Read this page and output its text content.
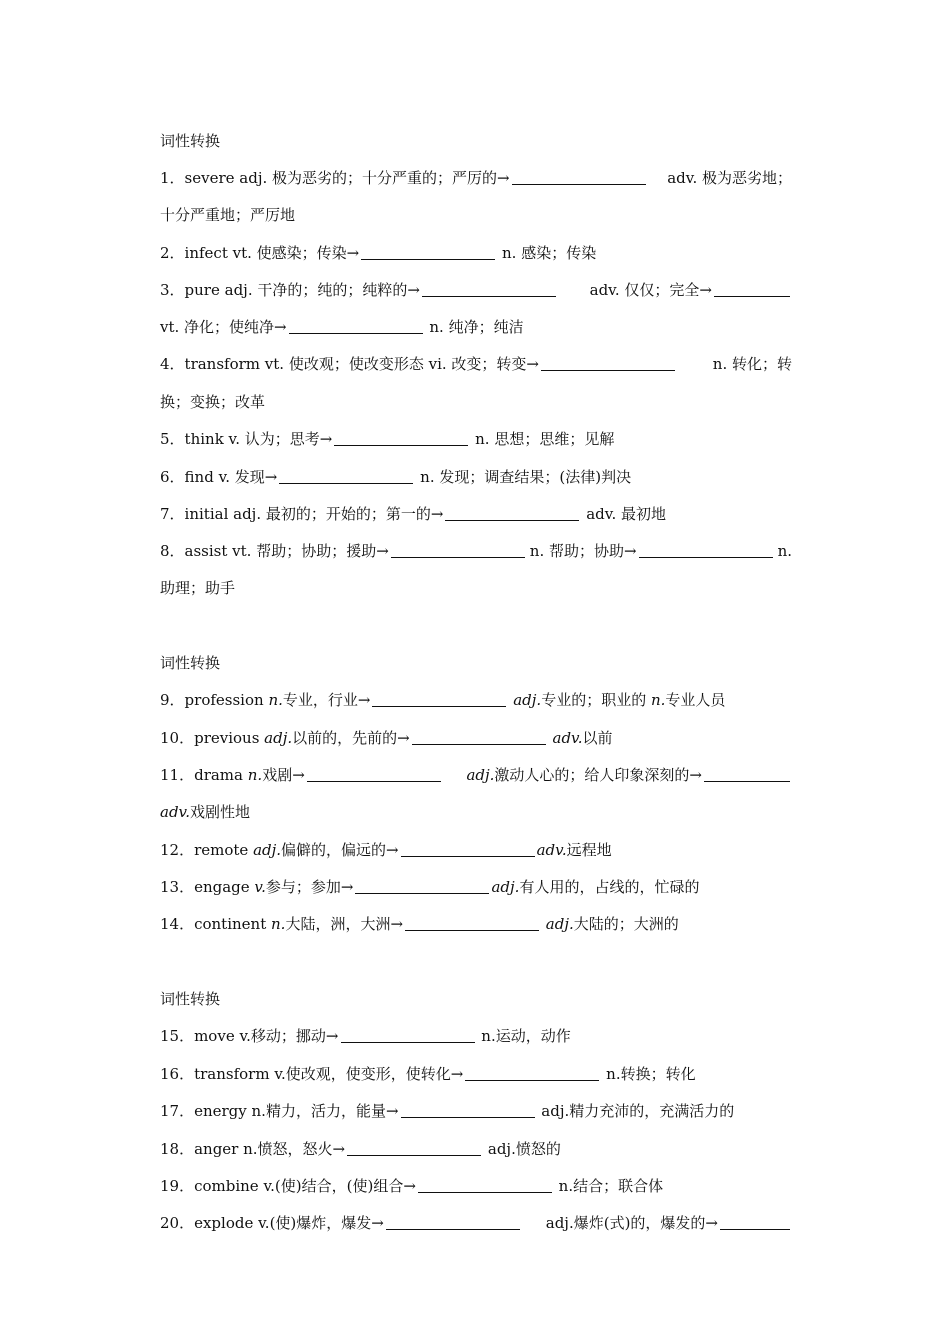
词性转换
1．severe adj. 极为恶劣的；十分严重的；严厉的→	adv. 极为恶劣地；
十分严重地；严厉地
2．infect vt. 使感染；传染→	n. 感染；传染
3．pure adj. 干净的；纯的；纯粹的→	adv. 仅仅；完全→
vt. 净化；使纯净→	n. 纯净；纯洁
4．transform vt. 使改观；使改变形态 vi. 改变；转变→	n. 转化；转
换；变换；改革
5．think v. 认为；思考→	n. 思想；思维；见解
6．find v. 发现→	n. 发现；调查结果；(法律)判决
7．initial adj. 最初的；开始的；第一的→	adv. 最初地
8．assist vt. 帮助；协助；援助→	n. 帮助；协助→	n.
助理；助手
词性转换
9．profession n.专业，行业→	adj.专业的；职业的 n.专业人员
10．previous adj.以前的，先前的→	adv.以前
11．drama n.戏剧→	adj.激动人心的；给人印象深刻的→
adv.戏剧性地
12．remote adj.偏僻的，偏远的→	adv.远程地
13．engage v.参与；参加→	adj.有人用的，占线的，忙碌的
14．continent n.大陆，洲，大洲→	adj.大陆的；大洲的
词性转换
15．move v.移动；挪动→	n.运动，动作
16．transform v.使改观，使变形，使转化→	n.转换；转化
17．energy n.精力，活力，能量→	adj.精力充沛的，充满活力的
18．anger n.愤怒，怒火→	adj.愤怒的
19．combine v.(使)结合，(使)组合→	n.结合；联合体
20．explode v.(使)爆炸，爆发→	adj.爆炸(式)的，爆发的→
